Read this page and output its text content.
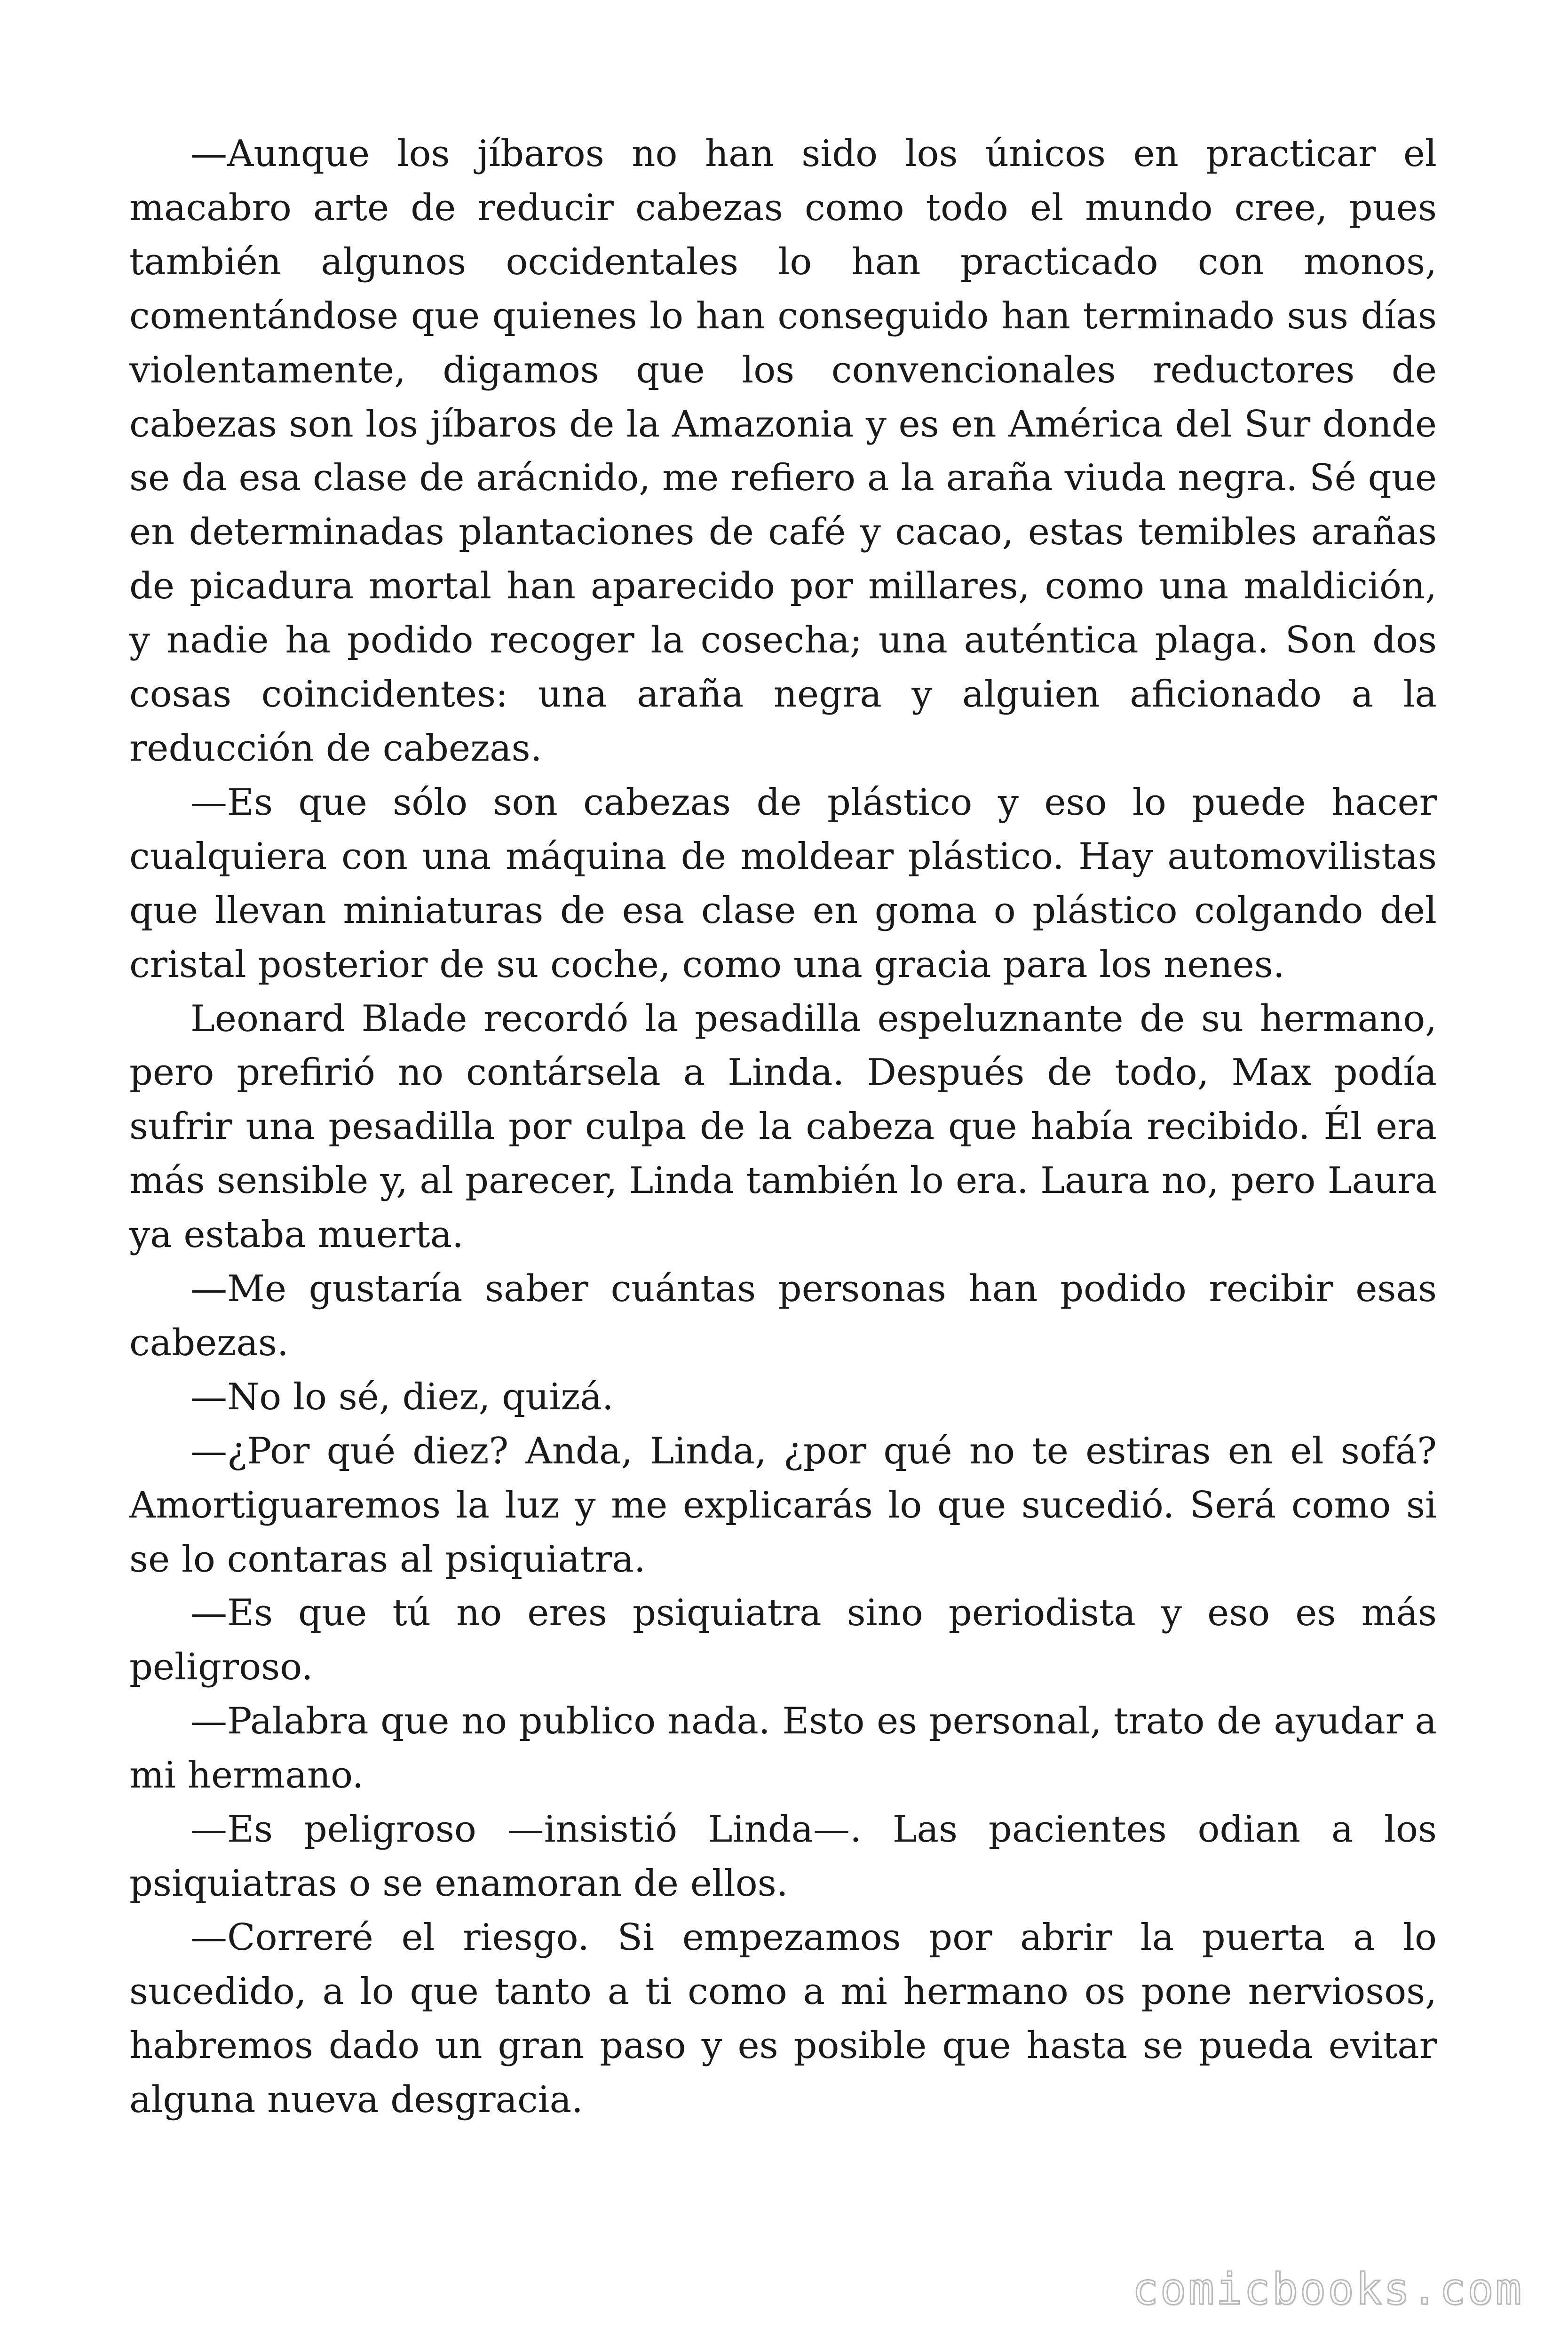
—Aunque los jíbaros no han sido los únicos en practicar el macabro arte de reducir cabezas como todo el mundo cree, pues también algunos occidentales lo han practicado con monos, comentándose que quienes lo han conseguido han terminado sus días violentamente, digamos que los convencionales reductores de cabezas son los jíbaros de la Amazonia y es en América del Sur donde se da esa clase de arácnido, me refiero a la araña viuda negra. Sé que en determinadas plantaciones de café y cacao, estas temibles arañas de picadura mortal han aparecido por millares, como una maldición, y nadie ha podido recoger la cosecha; una auténtica plaga. Son dos cosas coincidentes: una araña negra y alguien aficionado a la reducción de cabezas.

—Es que sólo son cabezas de plástico y eso lo puede hacer cualquiera con una máquina de moldear plástico. Hay automovilistas que llevan miniaturas de esa clase en goma o plástico colgando del cristal posterior de su coche, como una gracia para los nenes.

Leonard Blade recordó la pesadilla espeluznante de su hermano, pero prefirió no contársela a Linda. Después de todo, Max podía sufrir una pesadilla por culpa de la cabeza que había recibido. Él era más sensible y, al parecer, Linda también lo era. Laura no, pero Laura ya estaba muerta.

—Me gustaría saber cuántas personas han podido recibir esas cabezas.

—No lo sé, diez, quizá.

—¿Por qué diez? Anda, Linda, ¿por qué no te estiras en el sofá? Amortiguaremos la luz y me explicarás lo que sucedió. Será como si se lo contaras al psiquiatra.

—Es que tú no eres psiquiatra sino periodista y eso es más peligroso.

—Palabra que no publico nada. Esto es personal, trato de ayudar a mi hermano.

—Es peligroso —insistió Linda—. Las pacientes odian a los psiquiatras o se enamoran de ellos.

—Correré el riesgo. Si empezamos por abrir la puerta a lo sucedido, a lo que tanto a ti como a mi hermano os pone nerviosos, habremos dado un gran paso y es posible que hasta se pueda evitar alguna nueva desgracia.

comicbooks.com
